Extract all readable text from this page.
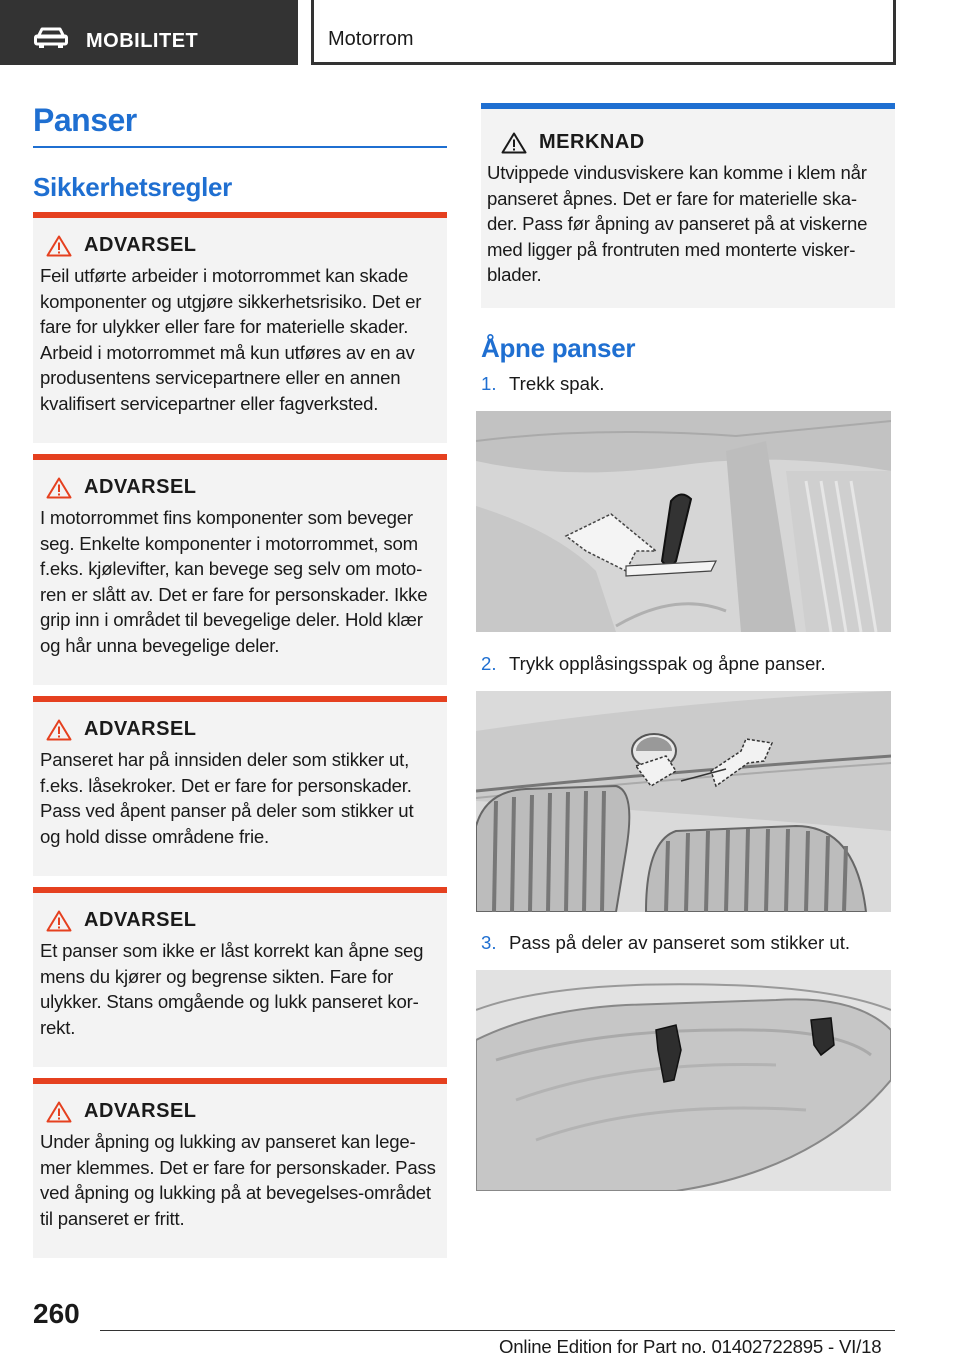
MOBILITET	Motorrom
Panser
Sikkerhetsregler
ADVARSEL
Feil utførte arbeider i motorrommet kan skade komponenter og utgjøre sikkerhetsrisiko. Det er fare for ulykker eller fare for materielle skader. Arbeid i motorrommet må kun utføres av en av produsentens servicepartnere eller en annen kvalifisert servicepartner eller fagverksted.
ADVARSEL
I motorrommet fins komponenter som beveger seg. Enkelte komponenter i motorrommet, som f.eks. kjølevifter, kan bevege seg selv om moto-ren er slått av. Det er fare for personskader. Ikke grip inn i området til bevegelige deler. Hold klær og hår unna bevegelige deler.
ADVARSEL
Panseret har på innsiden deler som stikker ut, f.eks. låsekroker. Det er fare for personskader. Pass ved åpent panser på deler som stikker ut og hold disse områdene frie.
ADVARSEL
Et panser som ikke er låst korrekt kan åpne seg mens du kjører og begrense sikten. Fare for ulykker. Stans omgående og lukk panseret kor-rekt.
ADVARSEL
Under åpning og lukking av panseret kan lege-mer klemmes. Det er fare for personskader. Pass ved åpning og lukking på at bevegelses-området til panseret er fritt.
MERKNAD
Utvippede vindusviskere kan komme i klem når panseret åpnes. Det er fare for materielle ska-der. Pass før åpning av panseret på at viskerne med ligger på frontruten med monterte visker-blader.
Åpne panser
1. Trekk spak.
2. Trykk opplåsingsspak og åpne panser.
3. Pass på deler av panseret som stikker ut.
260
Online Edition for Part no. 01402722895 - VI/18
